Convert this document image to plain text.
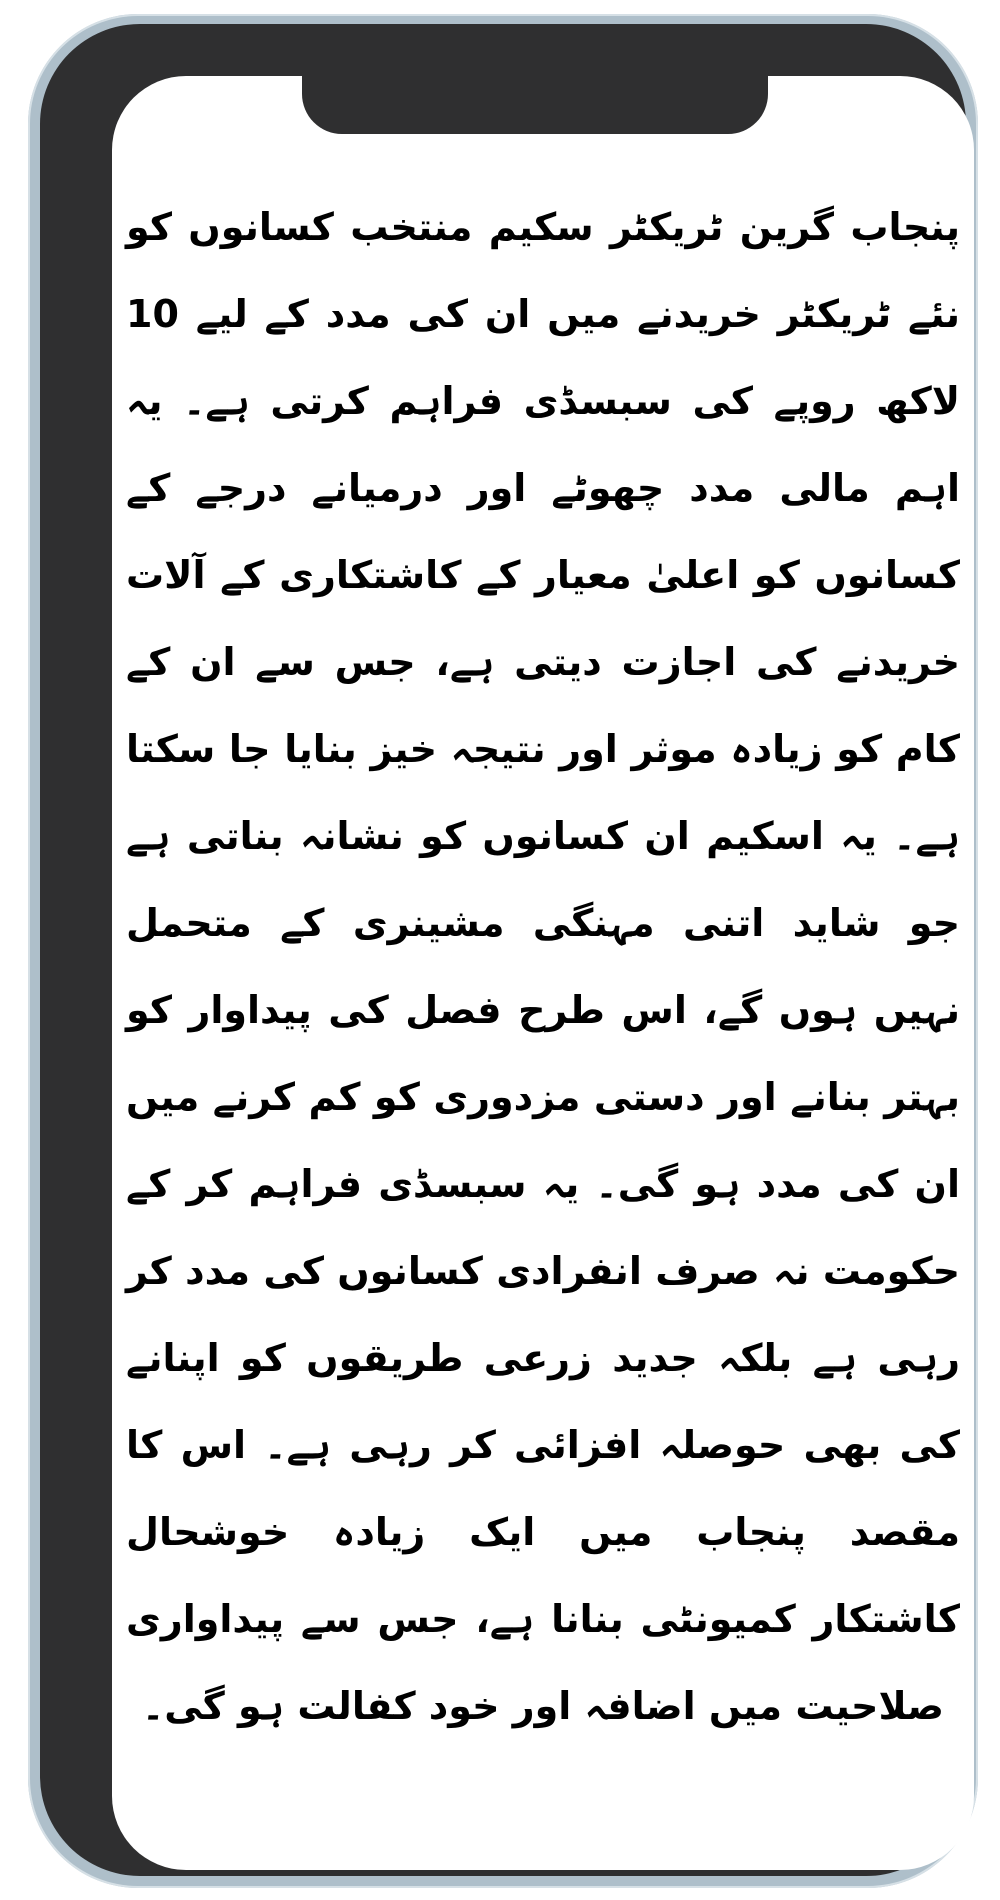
پنجاب گرین ٹریکٹر سکیم منتخب کسانوں کو نئے ٹریکٹر خریدنے میں ان کی مدد کے لیے 10 لاکھ روپے کی سبسڈی فراہم کرتی ہے۔ یہ اہم مالی مدد چھوٹے اور درمیانے درجے کے کسانوں کو اعلیٰ معیار کے کاشتکاری کے آلات خریدنے کی اجازت دیتی ہے، جس سے ان کے کام کو زیادہ موثر اور نتیجہ خیز بنایا جا سکتا ہے۔ یہ اسکیم ان کسانوں کو نشانہ بناتی ہے جو شاید اتنی مہنگی مشینری کے متحمل نہیں ہوں گے، اس طرح فصل کی پیداوار کو بہتر بنانے اور دستی مزدوری کو کم کرنے میں ان کی مدد ہو گی۔ یہ سبسڈی فراہم کر کے حکومت نہ صرف انفرادی کسانوں کی مدد کر رہی ہے بلکہ جدید زرعی طریقوں کو اپنانے کی بھی حوصلہ افزائی کر رہی ہے۔ اس کا مقصد پنجاب میں ایک زیادہ خوشحال کاشتکار کمیونٹی بنانا ہے، جس سے پیداواری صلاحیت میں اضافہ اور خود کفالت ہو گی۔
